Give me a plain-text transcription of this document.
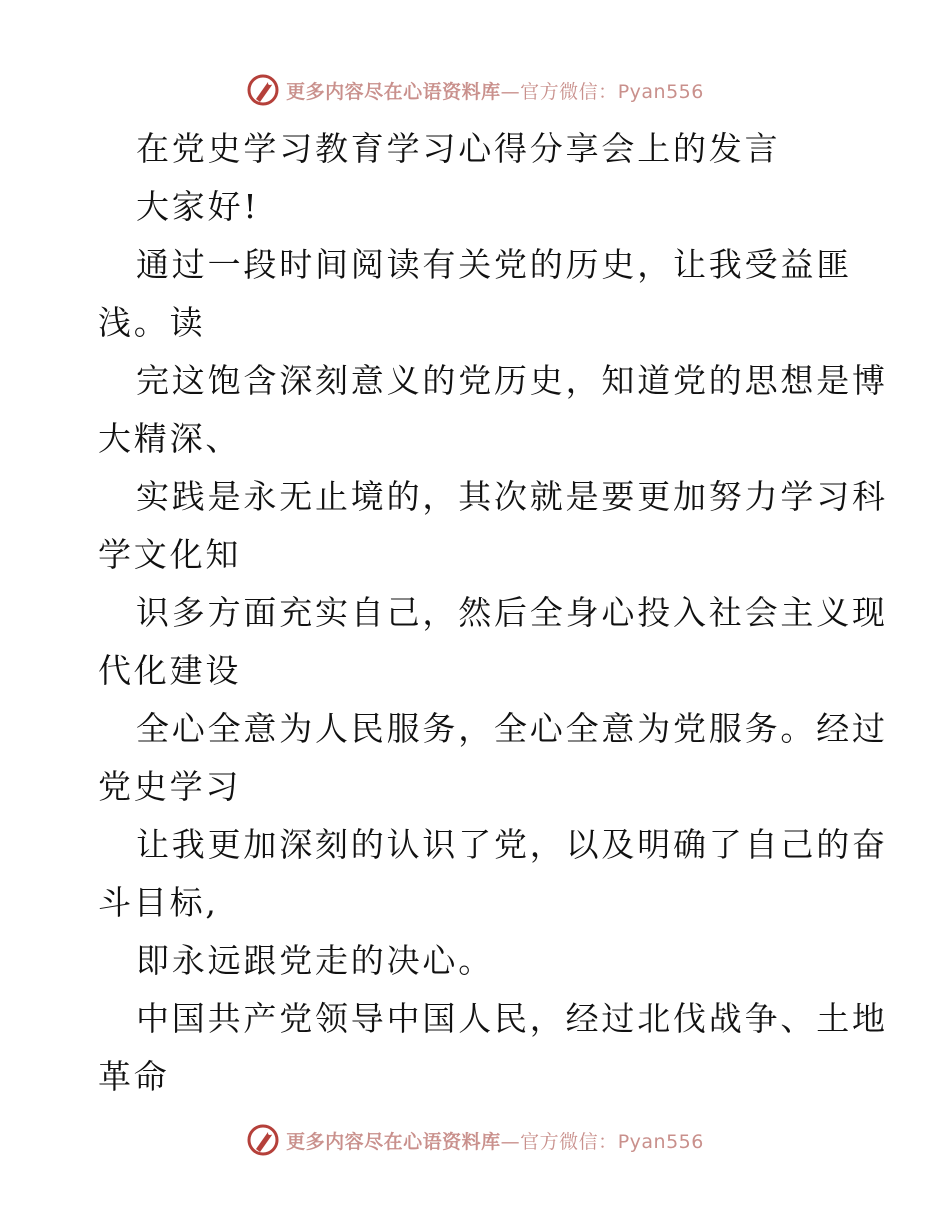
更多内容尽在心语资料库—官方微信：Pyan556
在党史学习教育学习心得分享会上的发言
大家好!
通过一段时间阅读有关党的历史，让我受益匪
浅。读
完这饱含深刻意义的党历史，知道党的思想是博
大精深、
实践是永无止境的，其次就是要更加努力学习科
学文化知
识多方面充实自己，然后全身心投入社会主义现
代化建设
全心全意为人民服务，全心全意为党服务。经过
党史学习
让我更加深刻的认识了党，以及明确了自己的奋
斗目标,
即永远跟党走的决心。
中国共产党领导中国人民，经过北伐战争、土地
革命
更多内容尽在心语资料库—官方微信：Pyan556
